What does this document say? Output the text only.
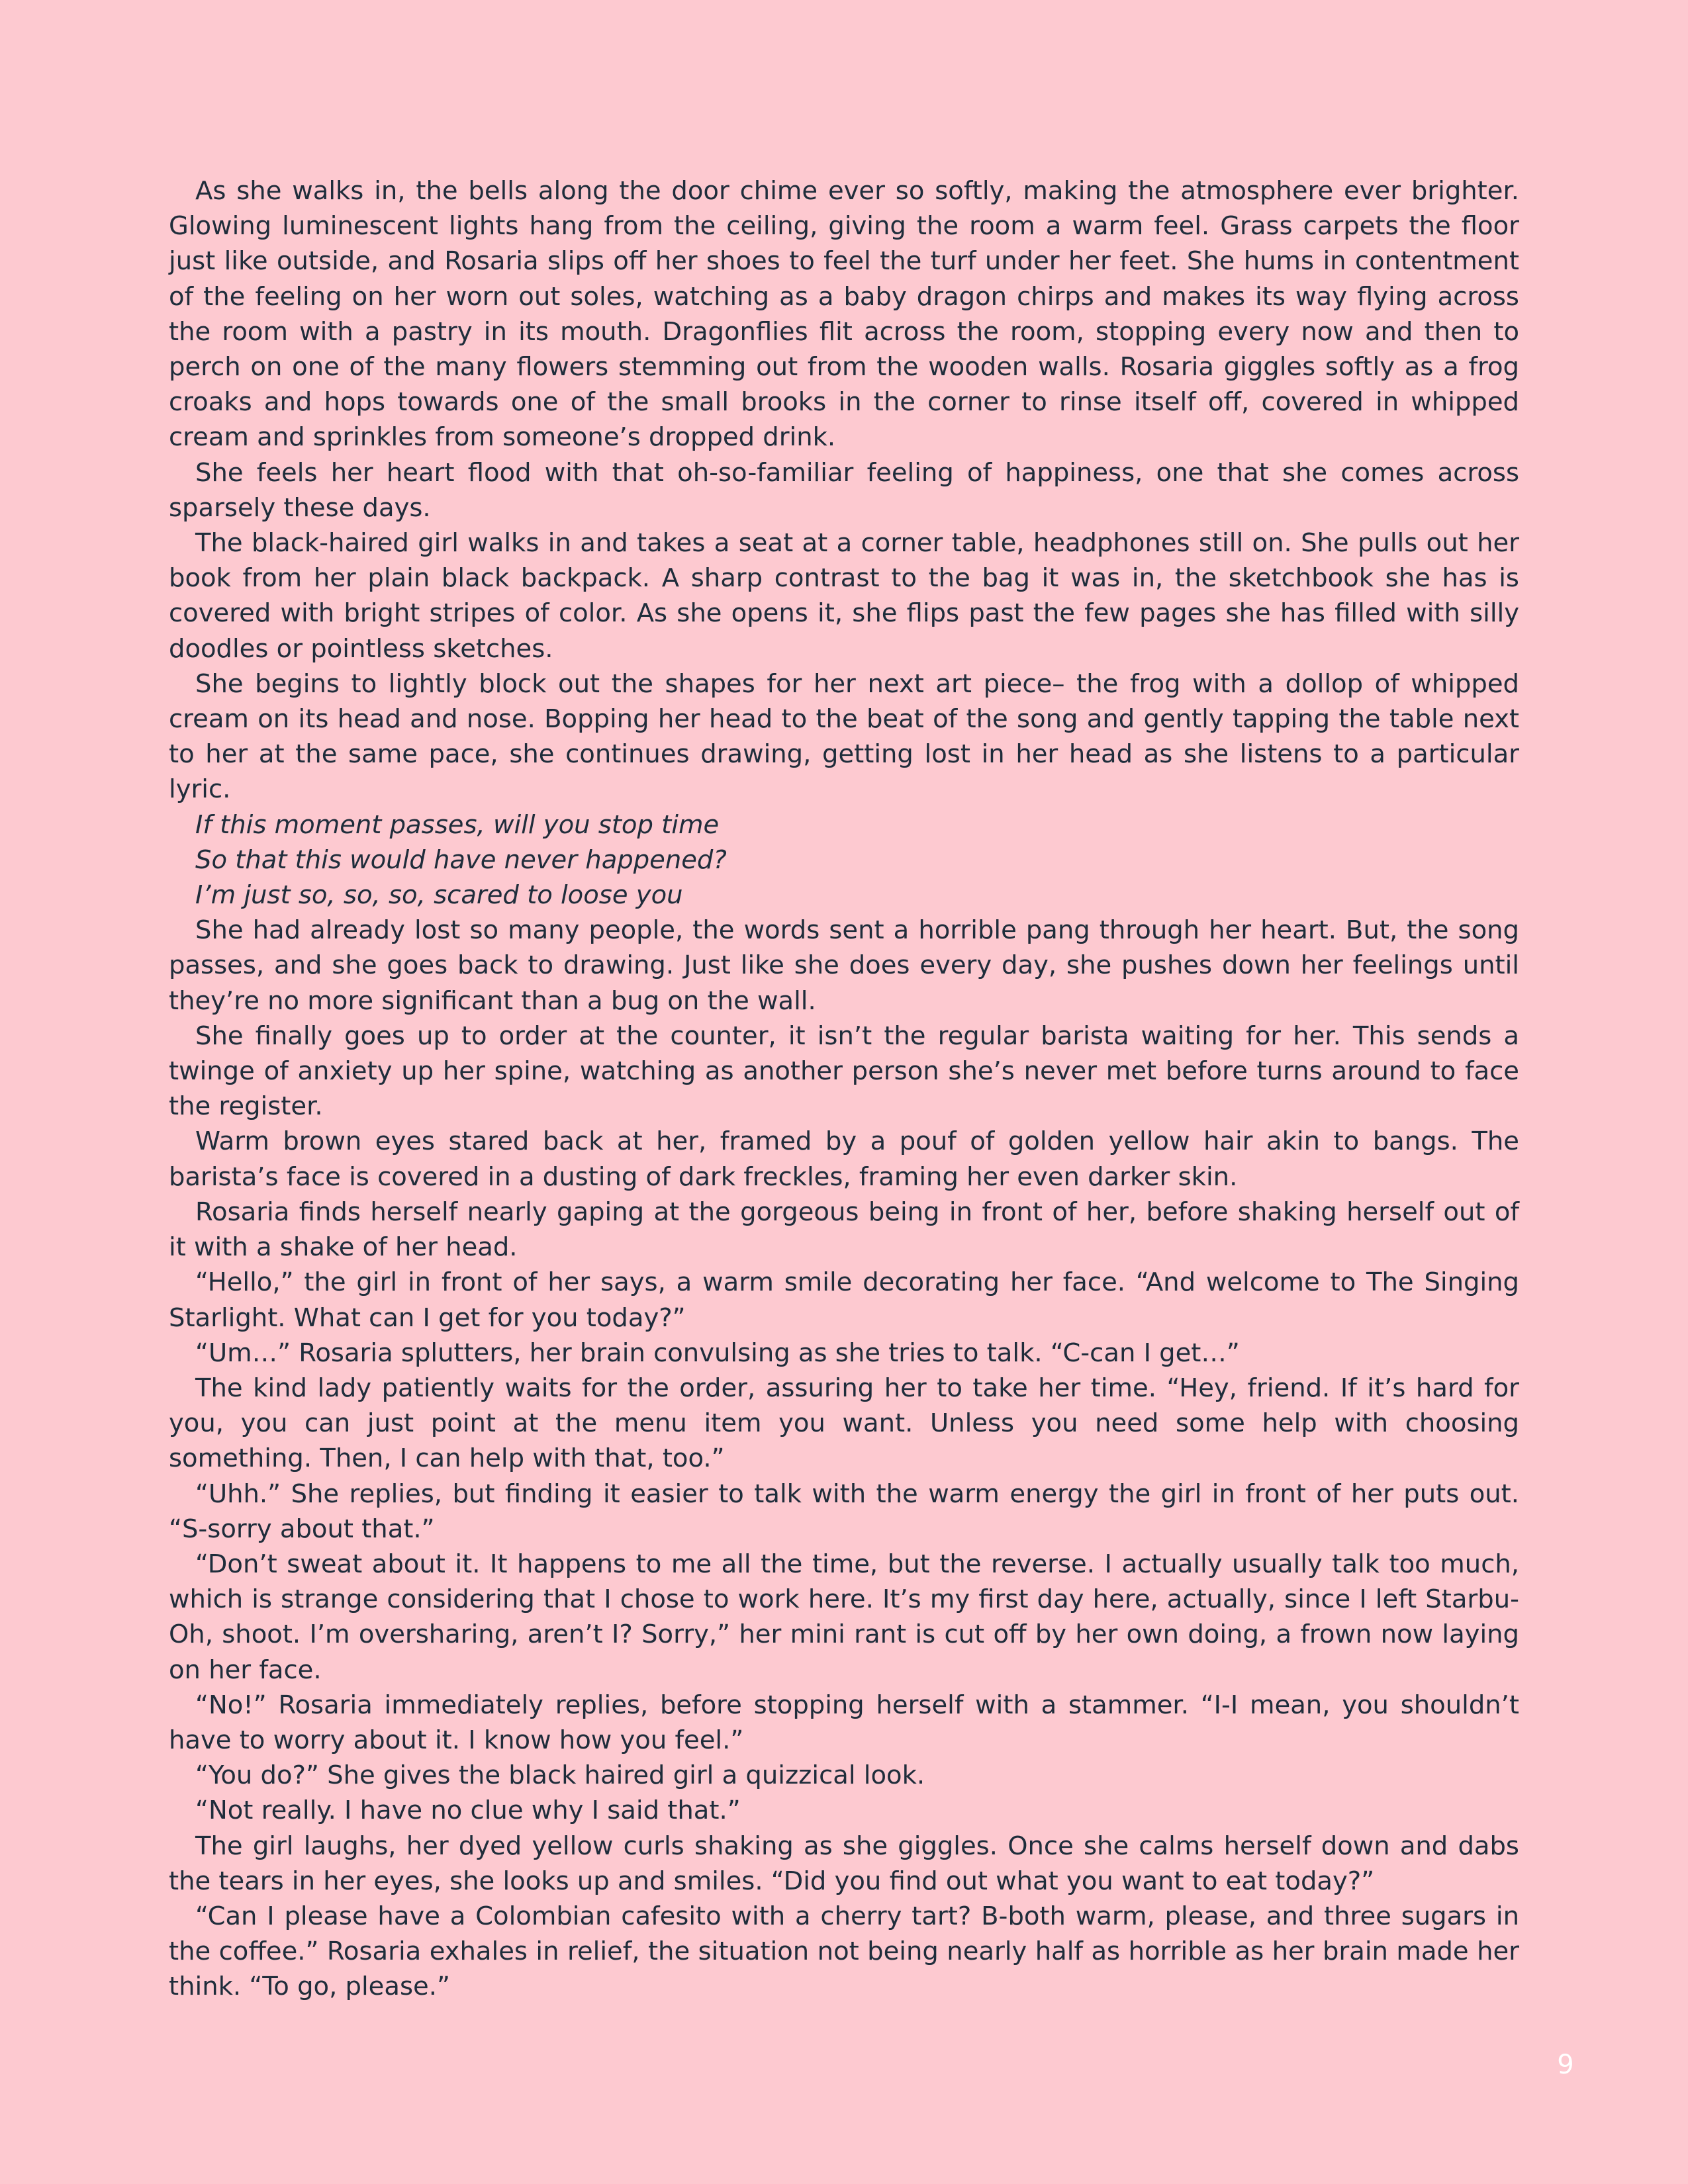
As she walks in, the bells along the door chime ever so softly, making the atmosphere ever brighter. Glowing luminescent lights hang from the ceiling, giving the room a warm feel. Grass carpets the floor just like outside, and Rosaria slips off her shoes to feel the turf under her feet. She hums in contentment of the feeling on her worn out soles, watching as a baby dragon chirps and makes its way flying across the room with a pastry in its mouth. Dragonflies flit across the room, stopping every now and then to perch on one of the many flowers stemming out from the wooden walls. Rosaria giggles softly as a frog croaks and hops towards one of the small brooks in the corner to rinse itself off, covered in whipped cream and sprinkles from someone’s dropped drink.

She feels her heart flood with that oh-so-familiar feeling of happiness, one that she comes across sparsely these days.

The black-haired girl walks in and takes a seat at a corner table, headphones still on. She pulls out her book from her plain black backpack. A sharp contrast to the bag it was in, the sketchbook she has is covered with bright stripes of color. As she opens it, she flips past the few pages she has filled with silly doodles or pointless sketches.

She begins to lightly block out the shapes for her next art piece– the frog with a dollop of whipped cream on its head and nose. Bopping her head to the beat of the song and gently tapping the table next to her at the same pace, she continues drawing, getting lost in her head as she listens to a particular lyric.

If this moment passes, will you stop time

So that this would have never happened?

I’m just so, so, so, scared to loose you

She had already lost so many people, the words sent a horrible pang through her heart. But, the song passes, and she goes back to drawing. Just like she does every day, she pushes down her feelings until they’re no more significant than a bug on the wall.

She finally goes up to order at the counter, it isn’t the regular barista waiting for her. This sends a twinge of anxiety up her spine, watching as another person she’s never met before turns around to face the register.

Warm brown eyes stared back at her, framed by a pouf of golden yellow hair akin to bangs. The barista’s face is covered in a dusting of dark freckles, framing her even darker skin.

Rosaria finds herself nearly gaping at the gorgeous being in front of her, before shaking herself out of it with a shake of her head.

“Hello,” the girl in front of her says, a warm smile decorating her face. “And welcome to The Singing Starlight. What can I get for you today?”

“Um…” Rosaria splutters, her brain convulsing as she tries to talk. “C-can I get…”

The kind lady patiently waits for the order, assuring her to take her time. “Hey, friend. If it’s hard for you, you can just point at the menu item you want. Unless you need some help with choosing something. Then, I can help with that, too.”

“Uhh.” She replies, but finding it easier to talk with the warm energy the girl in front of her puts out. “S-sorry about that.”

“Don’t sweat about it. It happens to me all the time, but the reverse. I actually usually talk too much, which is strange considering that I chose to work here. It’s my first day here, actually, since I left Starbu- Oh, shoot. I’m oversharing, aren’t I? Sorry,” her mini rant is cut off by her own doing, a frown now laying on her face.

“No!” Rosaria immediately replies, before stopping herself with a stammer. “I-I mean, you shouldn’t have to worry about it. I know how you feel.”

“You do?” She gives the black haired girl a quizzical look.

“Not really. I have no clue why I said that.”

The girl laughs, her dyed yellow curls shaking as she giggles. Once she calms herself down and dabs the tears in her eyes, she looks up and smiles. “Did you find out what you want to eat today?”

“Can I please have a Colombian cafesito with a cherry tart? B-both warm, please, and three sugars in the coffee.” Rosaria exhales in relief, the situation not being nearly half as horrible as her brain made her think. “To go, please.”

9
